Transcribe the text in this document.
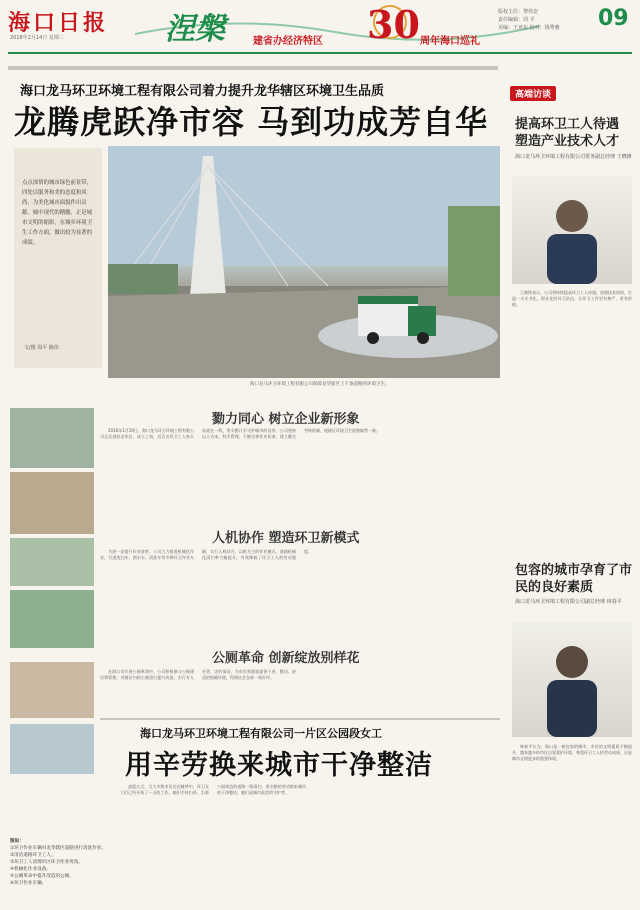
海口日报
2018年2月14日 星期三	涅槃	建省办经济特区 30 周年海口巡礼
版权主任：黎伟安
责任编辑：周 平
美编：王亚东 校对：钱秀雅 09
海口龙马环卫环境工程有限公司着力提升龙华辖区环境卫生品质
龙腾虎跃净市容 马到功成芳自华
点点深情的城市绿色前景带，四处以服务和美的态度和风尚，为美化城市面貌作出贡献。城中现代的精髓，正是城市文明的缩影，在城乡环境卫生工作方面，做出较为显著的成绩。
文/图 周平 陈伟
海口龙马环卫环境工程有限公司保障龙华辖区上千条道路的环境卫生。
勠力同心 树立企业新形象

2016年1月19日，海口龙马环卫环境工程有限公司正式进驻龙华区，成立之初，近百名环卫工人每天奋战在一线，用辛勤汗水守护城市的洁净。公司坚持以人为本、科学管理，不断完善作业标准，建立健全考核机制，使辖区环境卫生面貌焕然一新。

人机协作 塑造环卫新模式

为进一步提升作业效率，公司大力推进机械化作业，引进洗扫车、洒水车、清洗车等多种环卫作业车辆，实行人机结合、以机为主的作业模式，道路机械化清扫率大幅提升，有效降低了环卫工人的劳动强度。

公厕革命 创新绽放别样花

在海口市开展公厕革命中，公司积极参与公厕建设和管理，对辖区内的公厕进行提升改造，实行专人专管、定时保洁，为市民和游客提供干净、整洁、舒适的如厕环境，得到社会各界一致好评。

高端访谈
提高环卫工人待遇 塑造产业技术人才
海口龙马环卫环境工程有限公司常务副总经理 王晓锋

王晓锋表示，公司将持续提高环卫工人待遇，加强技术培训，打造一支专业化、职业化的环卫队伍，让环卫工作更有尊严、更有价值。

包容的城市孕育了市民的良好素质
海口龙马环卫环境工程有限公司副总经理 林春平

林春平认为，海口是一座包容的城市，市民的文明素质不断提升，越来越多的市民自觉爱护环境、尊重环卫工人的劳动成果，这是城市文明进步的重要体现。

海口龙马环卫环境工程有限公司一片区公园段女工
用辛劳换来城市干净整洁

凌晨五点，当大多数市民还在睡梦中，环卫女工们已经开始了一天的工作。她们手持扫帚，沿着公园周边的道路一路清扫，用辛勤的劳动换来城市的干净整洁，她们是城市最美的守护者。

图说：
①环卫作业车辆对龙华辖区道路进行清洗作业。
②清洁道路环卫工人。
③环卫工人清理市区环卫作业死角。
④机械化作业设备。
⑤公厕革命中提升改造的公厕。
⑥环卫作业车辆。
